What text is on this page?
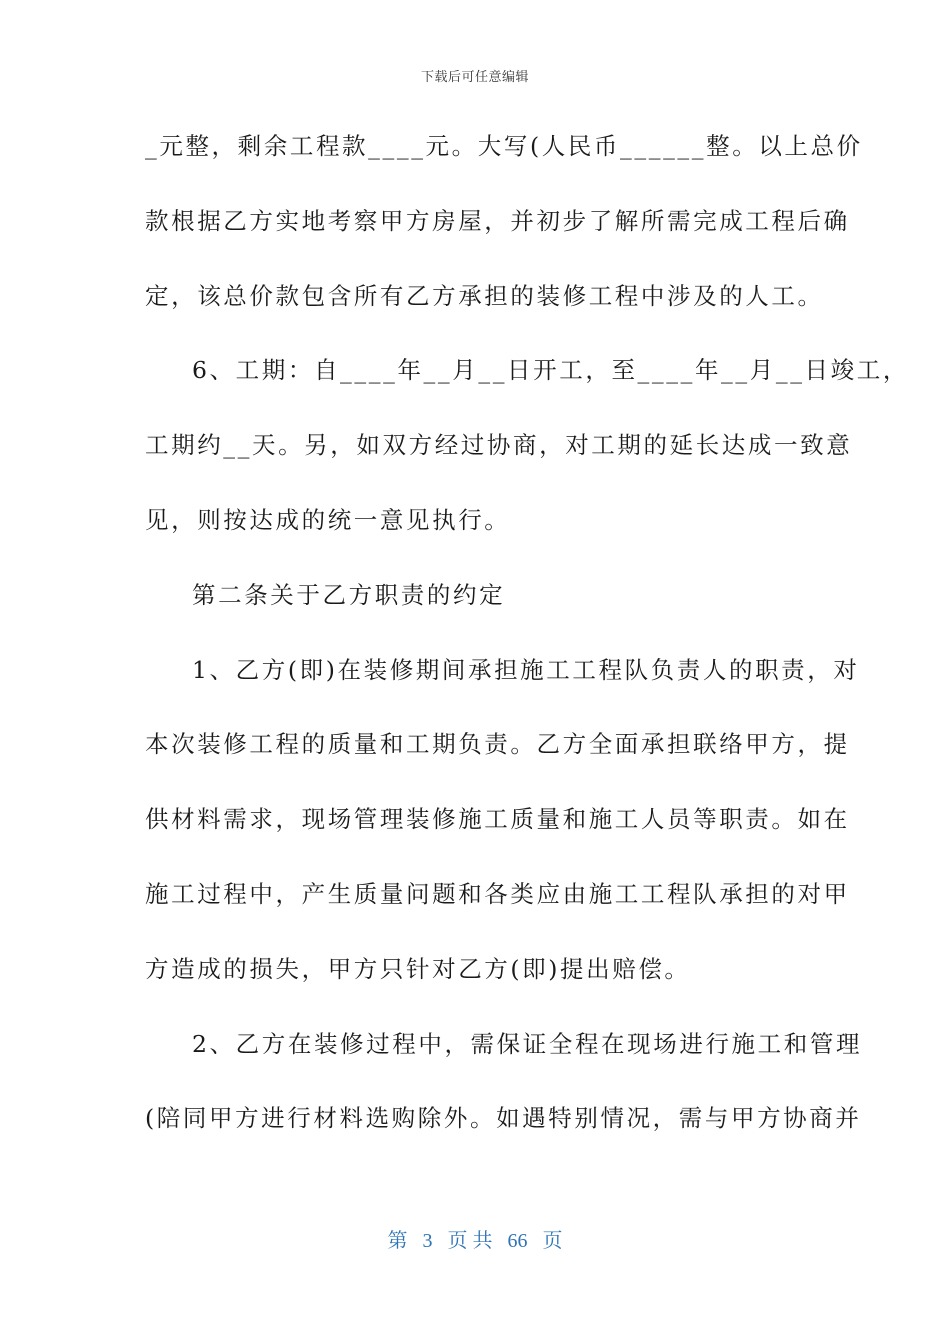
下载后可任意编辑
_元整，剩余工程款____元。大写(人民币______整。以上总价
款根据乙方实地考察甲方房屋，并初步了解所需完成工程后确
定，该总价款包含所有乙方承担的装修工程中涉及的人工。
6、工期：自____年__月__日开工，至____年__月__日竣工，
工期约__天。另，如双方经过协商，对工期的延长达成一致意
见，则按达成的统一意见执行。
第二条关于乙方职责的约定
1、乙方(即)在装修期间承担施工工程队负责人的职责，对
本次装修工程的质量和工期负责。乙方全面承担联络甲方，提
供材料需求，现场管理装修施工质量和施工人员等职责。如在
施工过程中，产生质量问题和各类应由施工工程队承担的对甲
方造成的损失，甲方只针对乙方(即)提出赔偿。
2、乙方在装修过程中，需保证全程在现场进行施工和管理
(陪同甲方进行材料选购除外。如遇特别情况，需与甲方协商并
第 3 页 共 66 页
